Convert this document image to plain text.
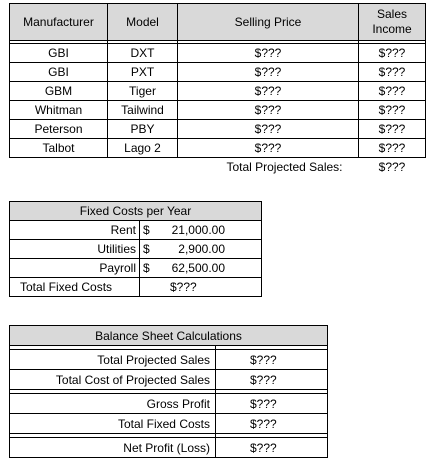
Manufacturer	Model	Selling Price	Sales
Income

GBI	DXT	$???	$???
GBI	PXT	$???	$???
GBM	Tiger	$???	$???
Whitman	Tailwind	$???	$???
Peterson	PBY	$???	$???
Talbot	Lago 2	$???	$???
	Total Projected Sales:		$???
Fixed Costs per Year	
Rent	$ 21,000.00
Utilities	$ 2,900.00
Payroll	$ 62,500.00
Total Fixed Costs	$???
Balance Sheet Calculations	

Total Projected Sales	$???
Total Cost of Projected Sales	$???

Gross Profit	$???
Total Fixed Costs	$???

Net Profit (Loss)	$???
